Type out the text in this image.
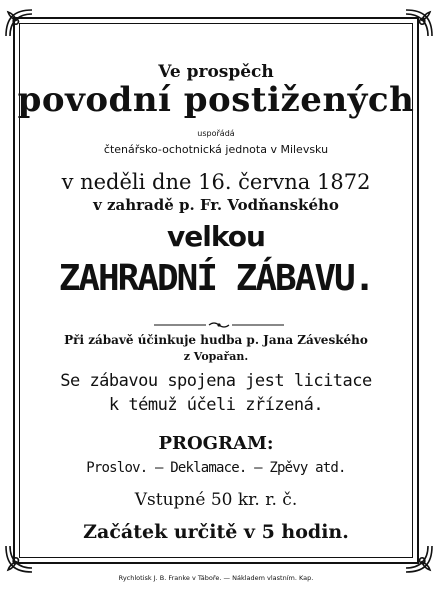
Ve prospěch
povodní postižených
uspořádá
čtenářsko-ochotnická jednota v Milevsku
v neděli dne 16. června 1872
v zahradě p. Fr. Vodňanského
velkou
ZAHRADNÍ ZÁBAVU.
Při zábavě účinkuje hudba p. Jana Záveského
z Vopařan.
Se zábavou spojena jest licitace
k témuž účeli zřízená.
PROGRAM:
Proslov. — Deklamace. — Zpěvy atd.
Vstupné 50 kr. r. č.
Začátek určitě v 5 hodin.
Rychlotisk J. B. Franke v Táboře. — Nákladem vlastním. Kap.
